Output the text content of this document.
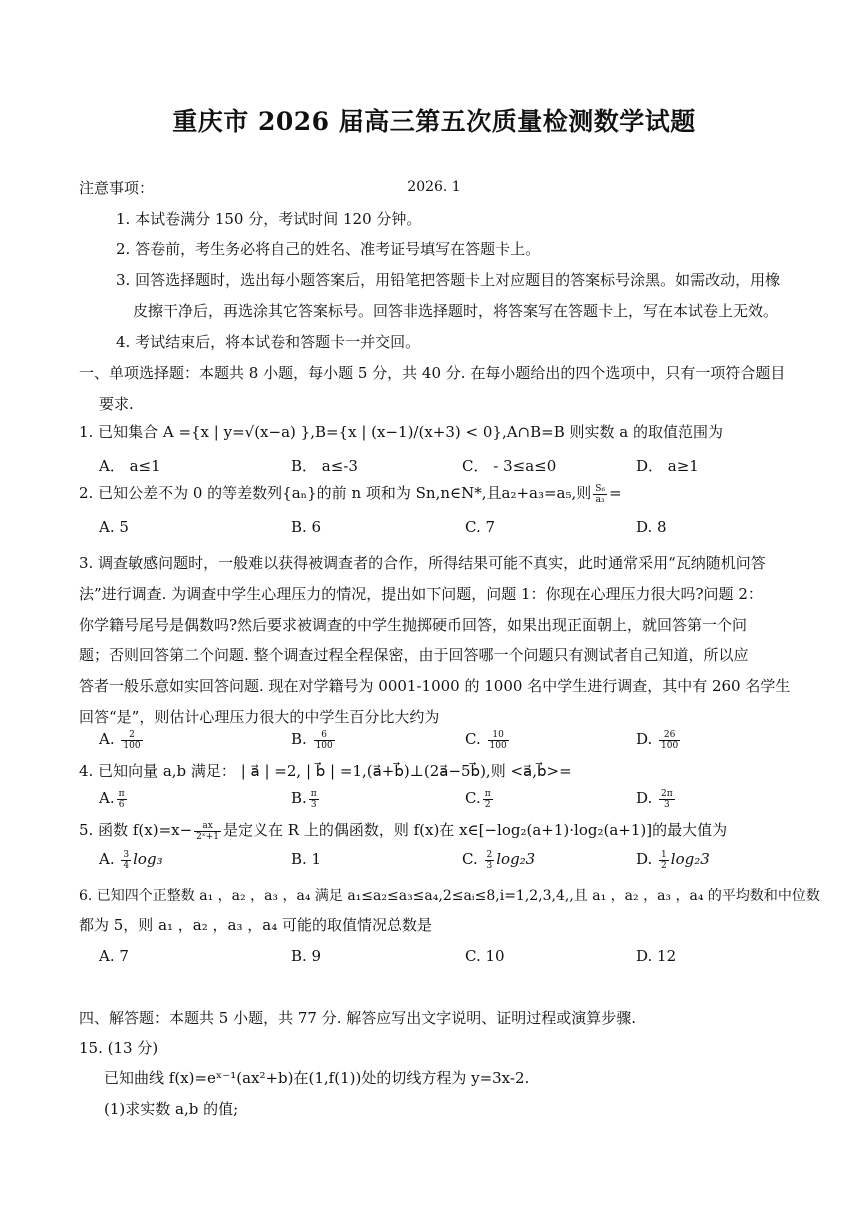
重庆市 2026 届高三第五次质量检测数学试题
2026. 1
注意事项：
1. 本试卷满分 150 分，考试时间 120 分钟。
2. 答卷前，考生务必将自己的姓名、准考证号填写在答题卡上。
3. 回答选择题时，选出每小题答案后，用铅笔把答题卡上对应题目的答案标号涂黑。如需改动，用橡
皮擦干净后，再选涂其它答案标号。回答非选择题时，将答案写在答题卡上，写在本试卷上无效。
4. 考试结束后，将本试卷和答题卡一并交回。
一、单项选择题：本题共 8 小题，每小题 5 分，共 40 分. 在每小题给出的四个选项中，只有一项符合题目
要求.
1. 已知集合 A ={x | y=√(x−a) },B={x | (x−1)/(x+3) < 0},A∩B=B 则实数 a 的取值范围为
A． a≤1	B． a≤-3	C． - 3≤a≤0	D． a≥1
2. 已知公差不为 0 的等差数列{aₙ}的前 n 项和为 Sn,n∈N*,且a₂+a₃=a₅,则 $\frac{\text{S₆}}{\text{a₃}}$ =
A. 5	B. 6	C. 7	D. 8
3. 调查敏感问题时，一般难以获得被调查者的合作，所得结果可能不真实，此时通常采用“瓦纳随机问答
法”进行调查. 为调查中学生心理压力的情况，提出如下问题，问题 1：你现在心理压力很大吗?问题 2：
你学籍号尾号是偶数吗?然后要求被调查的中学生抛掷硬币回答，如果出现正面朝上，就回答第一个问
题；否则回答第二个问题. 整个调查过程全程保密，由于回答哪一个问题只有测试者自己知道，所以应
答者一般乐意如实回答问题. 现在对学籍号为 0001-1000 的 1000 名中学生进行调查，其中有 260 名学生
回答“是”，则估计心理压力很大的中学生百分比大约为
A. $\frac{2}{100}$	B. $\frac{6}{100}$	C. $\frac{10}{100}$	D. $\frac{26}{100}$
4. 已知向量 a,b 满足： | a⃗ | =2, | b⃗ | =1,(a⃗+b⃗)⊥(2a⃗−5b⃗),则 <a⃗,b⃗>=
A. $\frac{\pi}{6}$	B. $\frac{\pi}{3}$	C. $\frac{\pi}{2}$	D. $\frac{2\pi}{3}$
5. 函数 $f(x)=x- \frac{ax}{\text{2ˣ+1}}$ 是定义在 R 上的偶函数，则 f(x)在 x∈[−log₂(a+1)·log₂(a+1)]的最大值为
A. $\frac{3}{4} \log_3$	B. 1	C. $\frac{2}{3} \log_23$	D. $\frac{1}{2} \log_23$
6. 已知四个正整数 a₁ ，a₂ ，a₃ ，a₄ 满足 a₁≤a₂≤a₃≤a₄,2≤aᵢ≤8,i=1,2,3,4,,且 a₁ ，a₂ ，a₃ ，a₄ 的平均数和中位数
都为 5，则 a₁ ，a₂ ，a₃ ，a₄ 可能的取值情况总数是
A. 7	B. 9	C. 10	D. 12
四、解答题：本题共 5 小题，共 77 分. 解答应写出文字说明、证明过程或演算步骤.
15. (13 分)
已知曲线 f(x)=eˣ⁻¹(ax²+b)在(1,f(1))处的切线方程为 y=3x-2.
(1)求实数 a,b 的值;
